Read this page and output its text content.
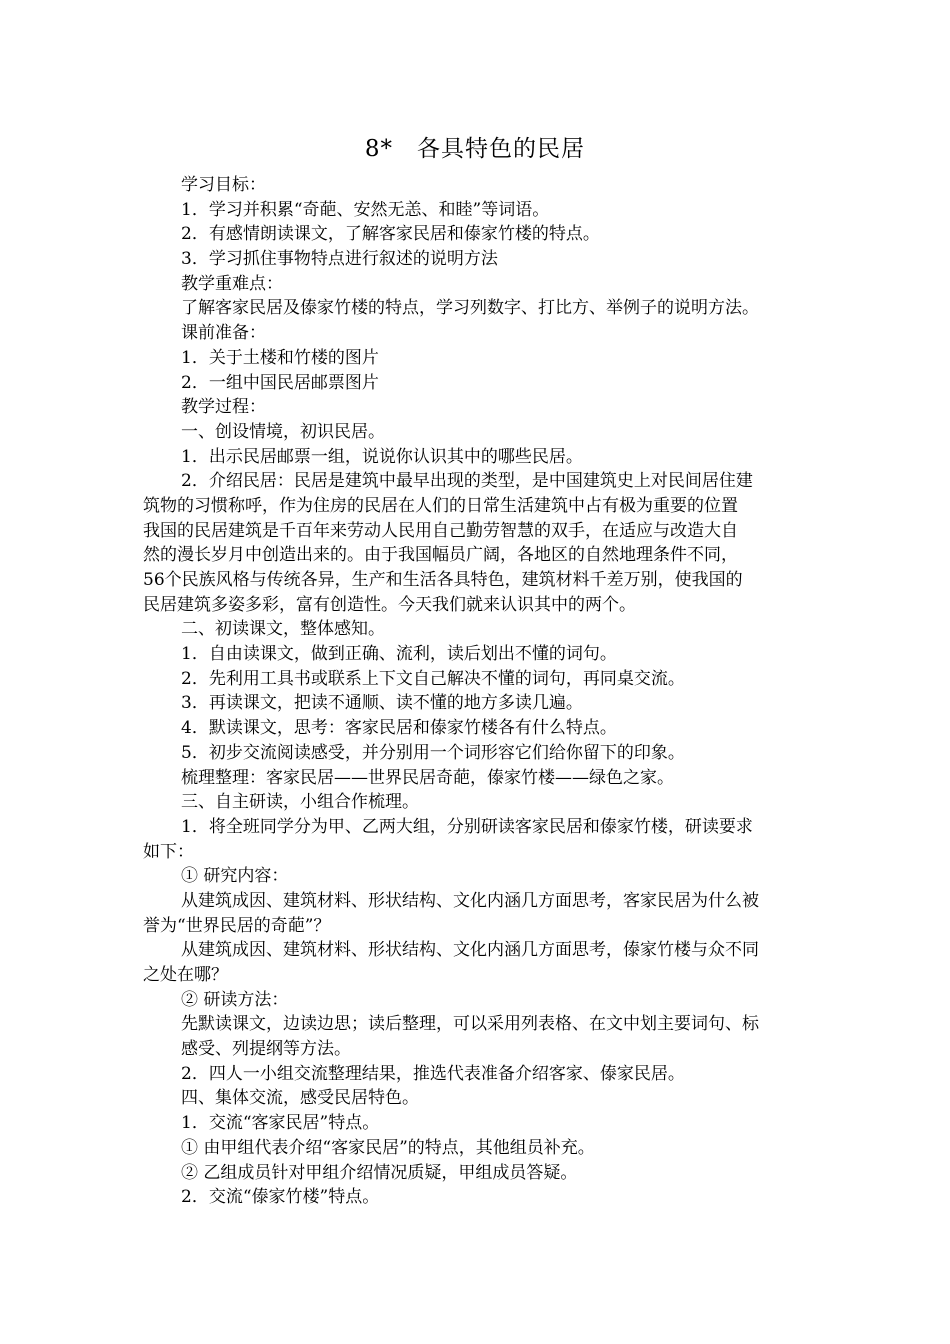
8*　各具特色的民居
学习目标：
1．学习并积累“奇葩、安然无恙、和睦”等词语。
2．有感情朗读课文，了解客家民居和傣家竹楼的特点。
3．学习抓住事物特点进行叙述的说明方法
教学重难点：
了解客家民居及傣家竹楼的特点，学习列数字、打比方、举例子的说明方法。
课前准备：
1．关于土楼和竹楼的图片
2．一组中国民居邮票图片
教学过程：
一、创设情境，初识民居。
1．出示民居邮票一组，说说你认识其中的哪些民居。
2．介绍民居：民居是建筑中最早出现的类型，是中国建筑史上对民间居住建
筑物的习惯称呼，作为住房的民居在人们的日常生活建筑中占有极为重要的位置
我国的民居建筑是千百年来劳动人民用自己勤劳智慧的双手，在适应与改造大自
然的漫长岁月中创造出来的。由于我国幅员广阔，各地区的自然地理条件不同，
56个民族风格与传统各异，生产和生活各具特色，建筑材料千差万别，使我国的
民居建筑多姿多彩，富有创造性。今天我们就来认识其中的两个。
二、初读课文，整体感知。
1．自由读课文，做到正确、流利，读后划出不懂的词句。
2．先利用工具书或联系上下文自己解决不懂的词句，再同桌交流。
3．再读课文，把读不通顺、读不懂的地方多读几遍。
4．默读课文，思考：客家民居和傣家竹楼各有什么特点。
5．初步交流阅读感受，并分别用一个词形容它们给你留下的印象。
梳理整理：客家民居——世界民居奇葩，傣家竹楼——绿色之家。
三、自主研读，小组合作梳理。
1．将全班同学分为甲、乙两大组，分别研读客家民居和傣家竹楼，研读要求
如下：
① 研究内容：
从建筑成因、建筑材料、形状结构、文化内涵几方面思考，客家民居为什么被
誉为“世界民居的奇葩”？
从建筑成因、建筑材料、形状结构、文化内涵几方面思考，傣家竹楼与众不同
之处在哪？
② 研读方法：
先默读课文，边读边思；读后整理，可以采用列表格、在文中划主要词句、标
感受、列提纲等方法。
2．四人一小组交流整理结果，推选代表准备介绍客家、傣家民居。
四、集体交流，感受民居特色。
1．交流“客家民居”特点。
① 由甲组代表介绍“客家民居”的特点，其他组员补充。
② 乙组成员针对甲组介绍情况质疑，甲组成员答疑。
2．交流“傣家竹楼”特点。
